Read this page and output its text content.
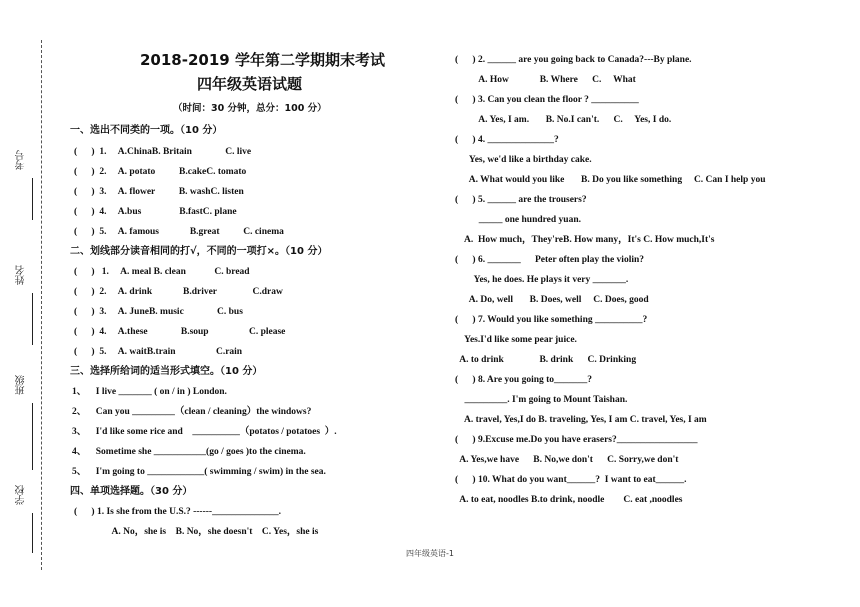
考号
姓名
班级
学校
2018-2019 学年第二学期期末考试
四年级英语试题
（时间：30 分钟，总分：100 分）
一、选出不同类的一项。（10 分）
(      )  1.     A.ChinaB. Britain              C. live
(      )  2.     A. potato          B.cakeC. tomato
(      )  3.     A. flower          B. washC. listen
(      )  4.     A.bus                B.fastC. plane
(      )  5.     A. famous             B.great          C. cinema
二、划线部分读音相同的打√，不同的一项打×。（10 分）
(      )   1.     A. meal B. clean            C. bread
(      )  2.     A. drink             B.driver               C.draw
(      )  3.     A. JuneB. music              C. bus
(      )  4.     A.these              B.soup                 C. please
(      )  5.     A. waitB.train                 C.rain
三、选择所给词的适当形式填空。（10 分）
1、    I live _______ ( on / in ) London.
2、    Can you _________（clean / cleaning）the windows?
3、    I'd like some rice and    __________（potatos / potatoes  ）.
4、    Sometime she ___________(go / goes )to the cinema.
5、    I'm going to ____________( swimming / swim) in the sea.
四、单项选择题。（30 分）
(      ) 1. Is she from the U.S.? ------______________.
A. No，she is    B. No，she doesn't    C. Yes，she is
(      ) 2. ______ are you going back to Canada?---By plane.
A. How             B. Where      C.     What
(      ) 3. Can you clean the floor ? __________
A. Yes, I am.       B. No.I can't.      C.     Yes, I do.
(      ) 4. ______________?
Yes, we'd like a birthday cake.
A. What would you like       B. Do you like something     C. Can I help you
(      ) 5. ______ are the trousers?
_____ one hundred yuan.
A.  How much，They'reB. How many，It's C. How much,It's
(      ) 6. _______      Peter often play the violin?
Yes, he does. He plays it very _______.
A. Do, well       B. Does, well     C. Does, good
(      ) 7. Would you like something __________?
Yes.I'd like some pear juice.
A. to drink               B. drink      C. Drinking
(      ) 8. Are you going to_______?
_________. I'm going to Mount Taishan.
A. travel, Yes,I do B. traveling, Yes, I am C. travel, Yes, I am
(      ) 9.Excuse me.Do you have erasers?_________________
A. Yes,we have      B. No,we don't      C. Sorry,we don't
(      ) 10. What do you want______?  I want to eat______.
A. to eat, noodles B.to drink, noodle        C. eat ,noodles
四年级英语-1
